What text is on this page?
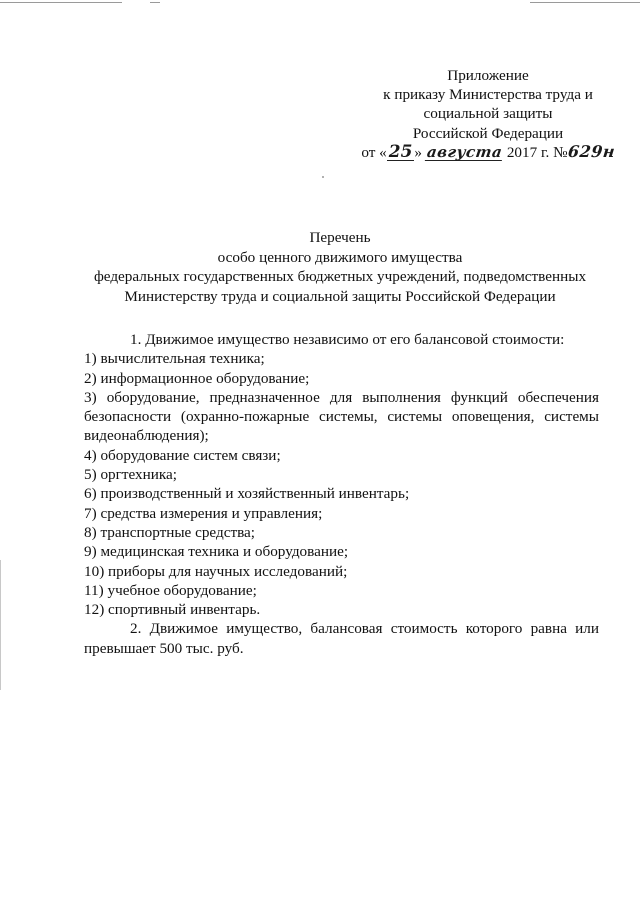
Приложение
к приказу Министерства труда и
социальной защиты
Российской Федерации
от « 25 » августа 2017 г. №629н
Перечень
особо ценного движимого имущества
федеральных государственных бюджетных учреждений, подведомственных
Министерству труда и социальной защиты Российской Федерации
1. Движимое имущество независимо от его балансовой стоимости:
1) вычислительная техника;
2) информационное оборудование;
3) оборудование, предназначенное для выполнения функций обеспечения безопасности (охранно-пожарные системы, системы оповещения, системы видеонаблюдения);
4) оборудование систем связи;
5) оргтехника;
6) производственный и хозяйственный инвентарь;
7) средства измерения и управления;
8) транспортные средства;
9) медицинская техника и оборудование;
10) приборы для научных исследований;
11) учебное оборудование;
12) спортивный инвентарь.
2. Движимое имущество, балансовая стоимость которого равна или превышает 500 тыс. руб.
